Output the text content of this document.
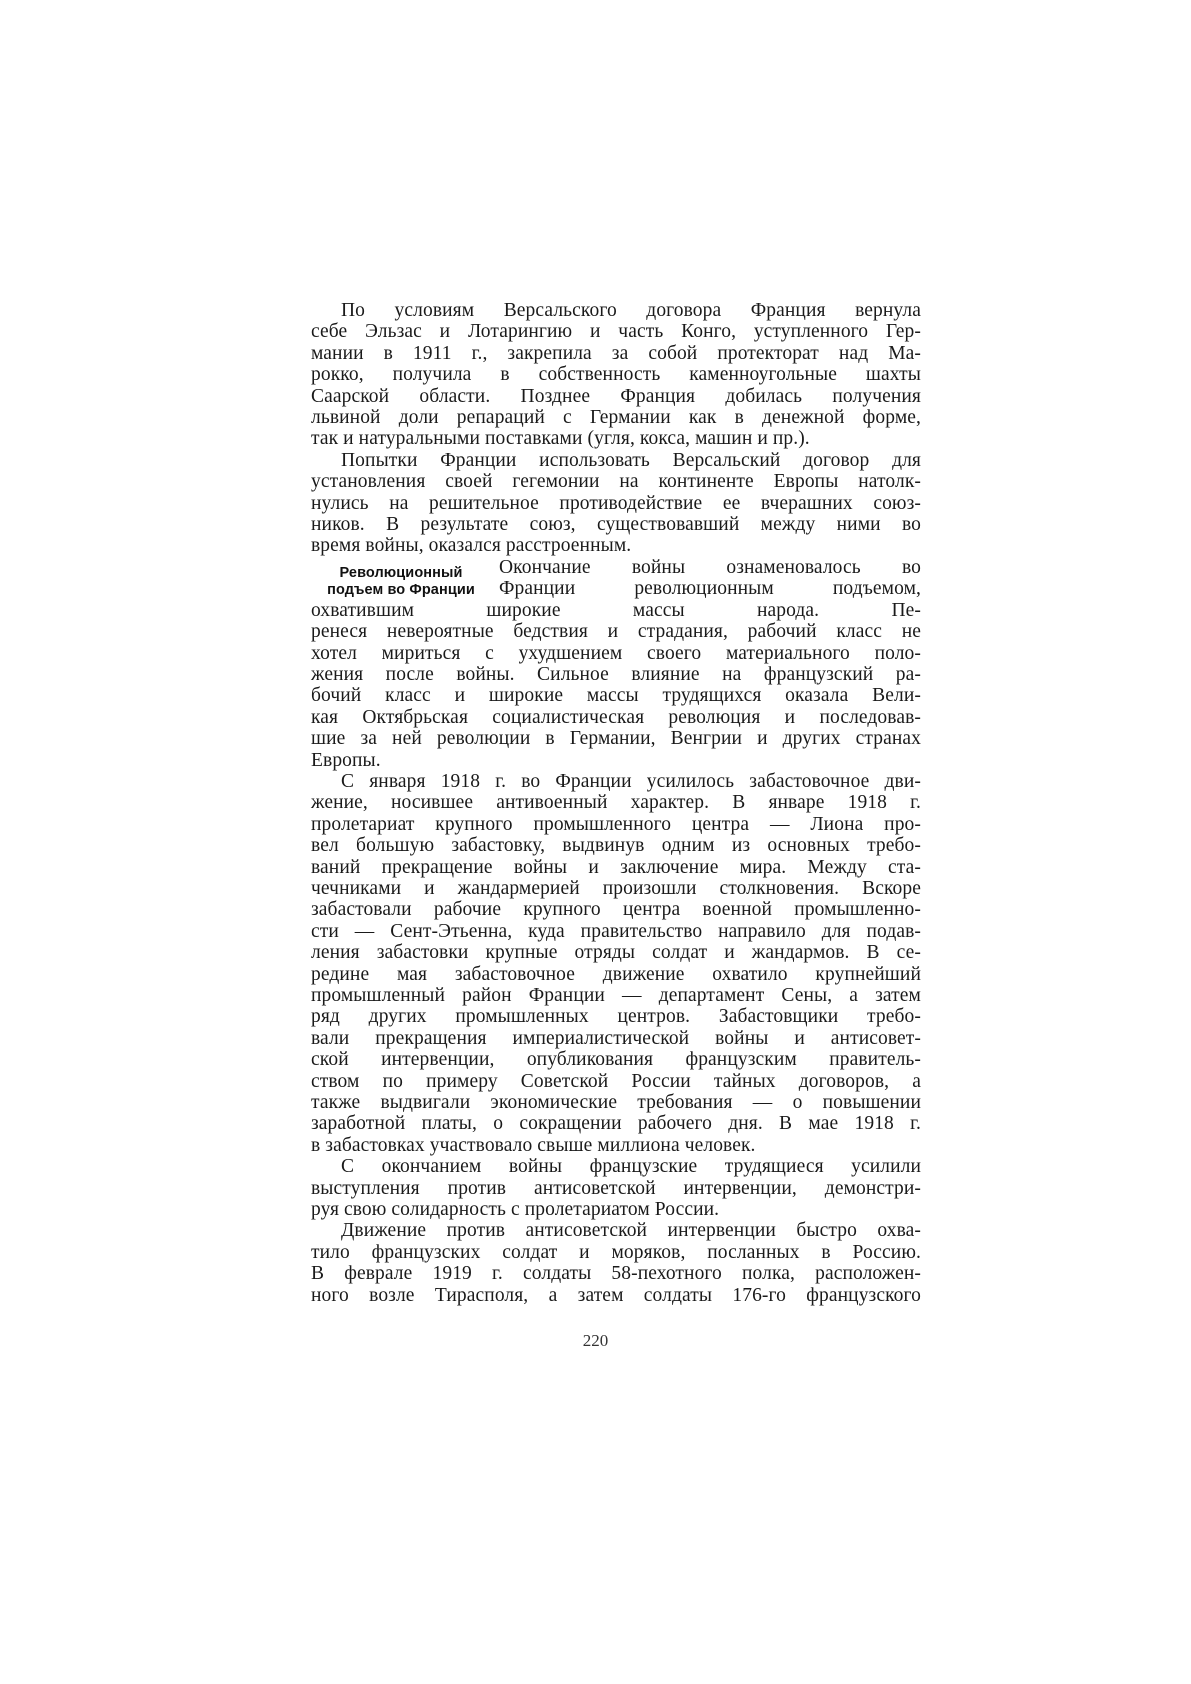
По условиям Версальского договора Франция вернула
себе Эльзас и Лотарингию и часть Конго, уступленного Гер-
мании в 1911 г., закрепила за собой протекторат над Ма-
рокко, получила в собственность каменноугольные шахты
Саарской области. Позднее Франция добилась получения
львиной доли репараций с Германии как в денежной форме,
так и натуральными поставками (угля, кокса, машин и пр.).

Попытки Франции использовать Версальский договор для
установления своей гегемонии на континенте Европы натолк-
нулись на решительное противодействие ее вчерашних союз-
ников. В результате союз, существовавший между ними во
время войны, оказался расстроенным.

Революционный
подъем во Франции
Окончание войны ознаменовалось во
Франции революционным подъемом,
охватившим широкие массы народа. Пе-
ренеся невероятные бедствия и страдания, рабочий класс не
хотел мириться с ухудшением своего материального поло-
жения после войны. Сильное влияние на французский ра-
бочий класс и широкие массы трудящихся оказала Вели-
кая Октябрьская социалистическая революция и последовав-
шие за ней революции в Германии, Венгрии и других странах
Европы.

С января 1918 г. во Франции усилилось забастовочное дви-
жение, носившее антивоенный характер. В январе 1918 г.
пролетариат крупного промышленного центра — Лиона про-
вел большую забастовку, выдвинув одним из основных требо-
ваний прекращение войны и заключение мира. Между ста-
чечниками и жандармерией произошли столкновения. Вскоре
забастовали рабочие крупного центра военной промышленно-
сти — Сент-Этьенна, куда правительство направило для подав-
ления забастовки крупные отряды солдат и жандармов. В се-
редине мая забастовочное движение охватило крупнейший
промышленный район Франции — департамент Сены, а затем
ряд других промышленных центров. Забастовщики требо-
вали прекращения империалистической войны и антисовет-
ской интервенции, опубликования французским правитель-
ством по примеру Советской России тайных договоров, а
также выдвигали экономические требования — о повышении
заработной платы, о сокращении рабочего дня. В мае 1918 г.
в забастовках участвовало свыше миллиона человек.

С окончанием войны французские трудящиеся усилили
выступления против антисоветской интервенции, демонстри-
руя свою солидарность с пролетариатом России.

Движение против антисоветской интервенции быстро охва-
тило французских солдат и моряков, посланных в Россию.
В феврале 1919 г. солдаты 58-пехотного полка, расположен-
ного возле Тирасполя, а затем солдаты 176-го французского

220
